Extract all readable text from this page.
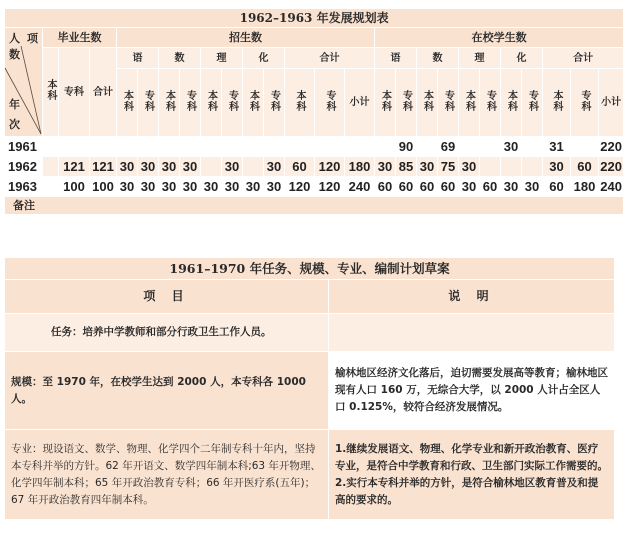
1962–1963 年发展规划表																										

人 项
数
年
次	毕业生数			招生数											在校学生数											
	本科	专科	合计	语		数		理		化		合计			语		数		理		化		合计			
				本科	专科	本科	专科	本科	专科	本科	专科	本科	专科	小计	本科	专科	本科	专科	本科	专科	本科	专科	本科	专科	小计	

1961																90		69			30		31		220	
1962		121	121	30	30	30	30		30		30	60	120	180	30	85	30	75	30				30	60	220	
1963		100	100	30	30	30	30	30	30	30	30	120	120	240	60	60	60	60	30	60	30	30	60	180	240	
备注																										
1961–1970 年任务、规模、专业、编制计划草案	
项 目	说 明
任务：培养中学教师和部分行政卫生工作人员。	
规模：至 1970 年，在校学生达到 2000 人，本专科各 1000 人。	榆林地区经济文化落后，迫切需要发展高等教育；榆林地区现有人口 160 万，无综合大学，以 2000 人计占全区人口 0.125%，较符合经济发展情况。
专业：现设语文、数学、物理、化学四个二年制专科十年内，坚持本专科并举的方针。62 年开语文、数学四年制本科;63 年开物理、化学四年制本科；65 年开政治教育专科；66 年开医疗系(五年)；67 年开政治教育四年制本科。	1.继续发展语文、物理、化学专业和新开政治教育、医疗专业，是符合中学教育和行政、卫生部门实际工作需要的。
2.实行本专科并举的方针，是符合榆林地区教育普及和提高的要求的。
